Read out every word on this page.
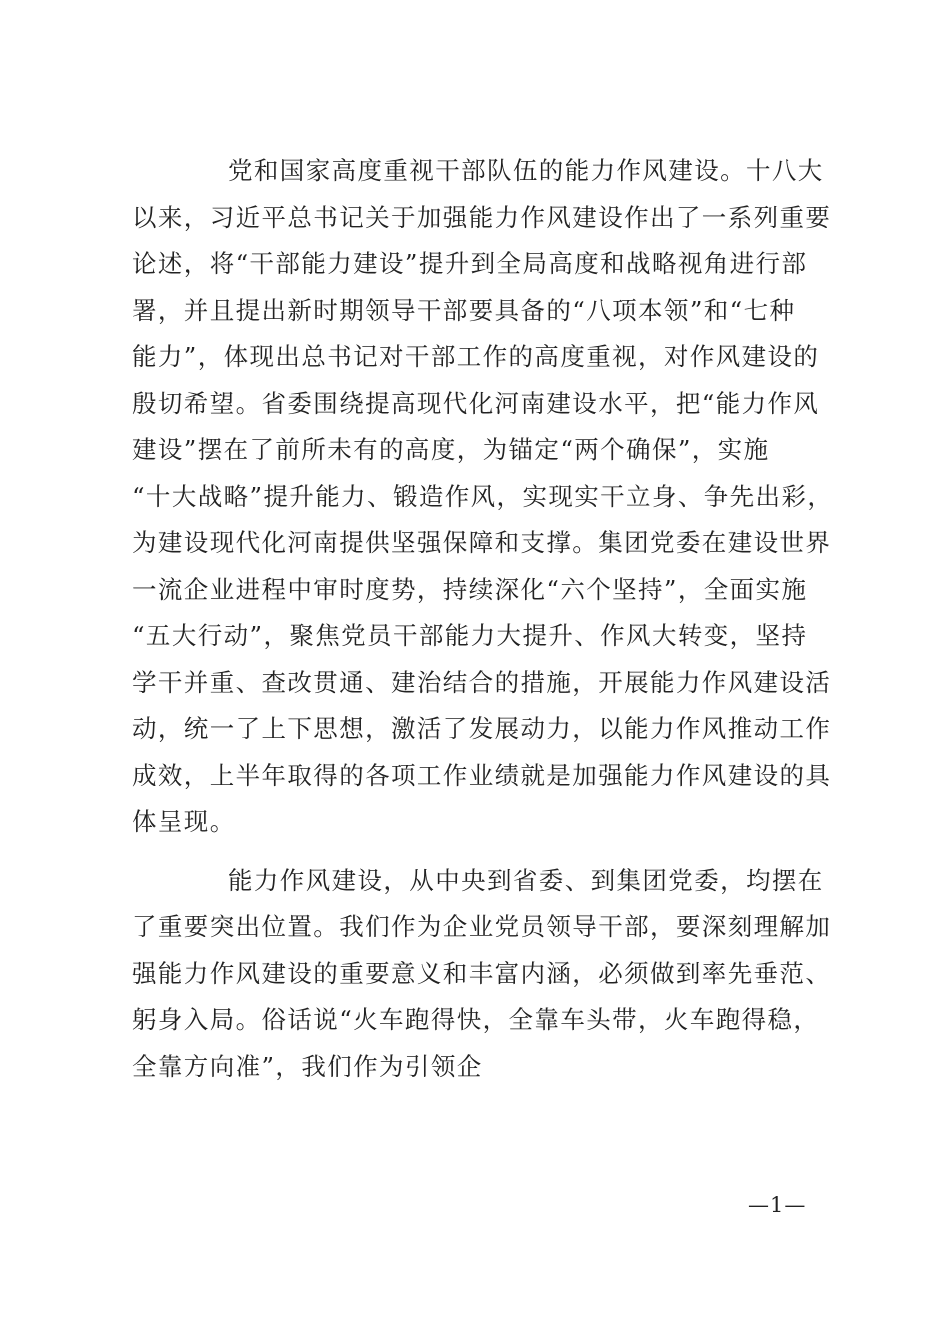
党和国家高度重视干部队伍的能力作风建设。十八大
以来，习近平总书记关于加强能力作风建设作出了一系列重要
论述，将“干部能力建设”提升到全局高度和战略视角进行部
署，并且提出新时期领导干部要具备的“八项本领”和“七种
能力”，体现出总书记对干部工作的高度重视，对作风建设的
殷切希望。省委围绕提高现代化河南建设水平，把“能力作风
建设”摆在了前所未有的高度，为锚定“两个确保”，实施
“十大战略”提升能力、锻造作风，实现实干立身、争先出彩，
为建设现代化河南提供坚强保障和支撑。集团党委在建设世界
一流企业进程中审时度势，持续深化“六个坚持”，全面实施
“五大行动”，聚焦党员干部能力大提升、作风大转变，坚持
学干并重、查改贯通、建治结合的措施，开展能力作风建设活
动，统一了上下思想，激活了发展动力，以能力作风推动工作
成效，上半年取得的各项工作业绩就是加强能力作风建设的具
体呈现。
能力作风建设，从中央到省委、到集团党委，均摆在
了重要突出位置。我们作为企业党员领导干部，要深刻理解加
强能力作风建设的重要意义和丰富内涵，必须做到率先垂范、
躬身入局。俗话说“火车跑得快，全靠车头带，火车跑得稳，
全靠方向准”，我们作为引领企
—1—
